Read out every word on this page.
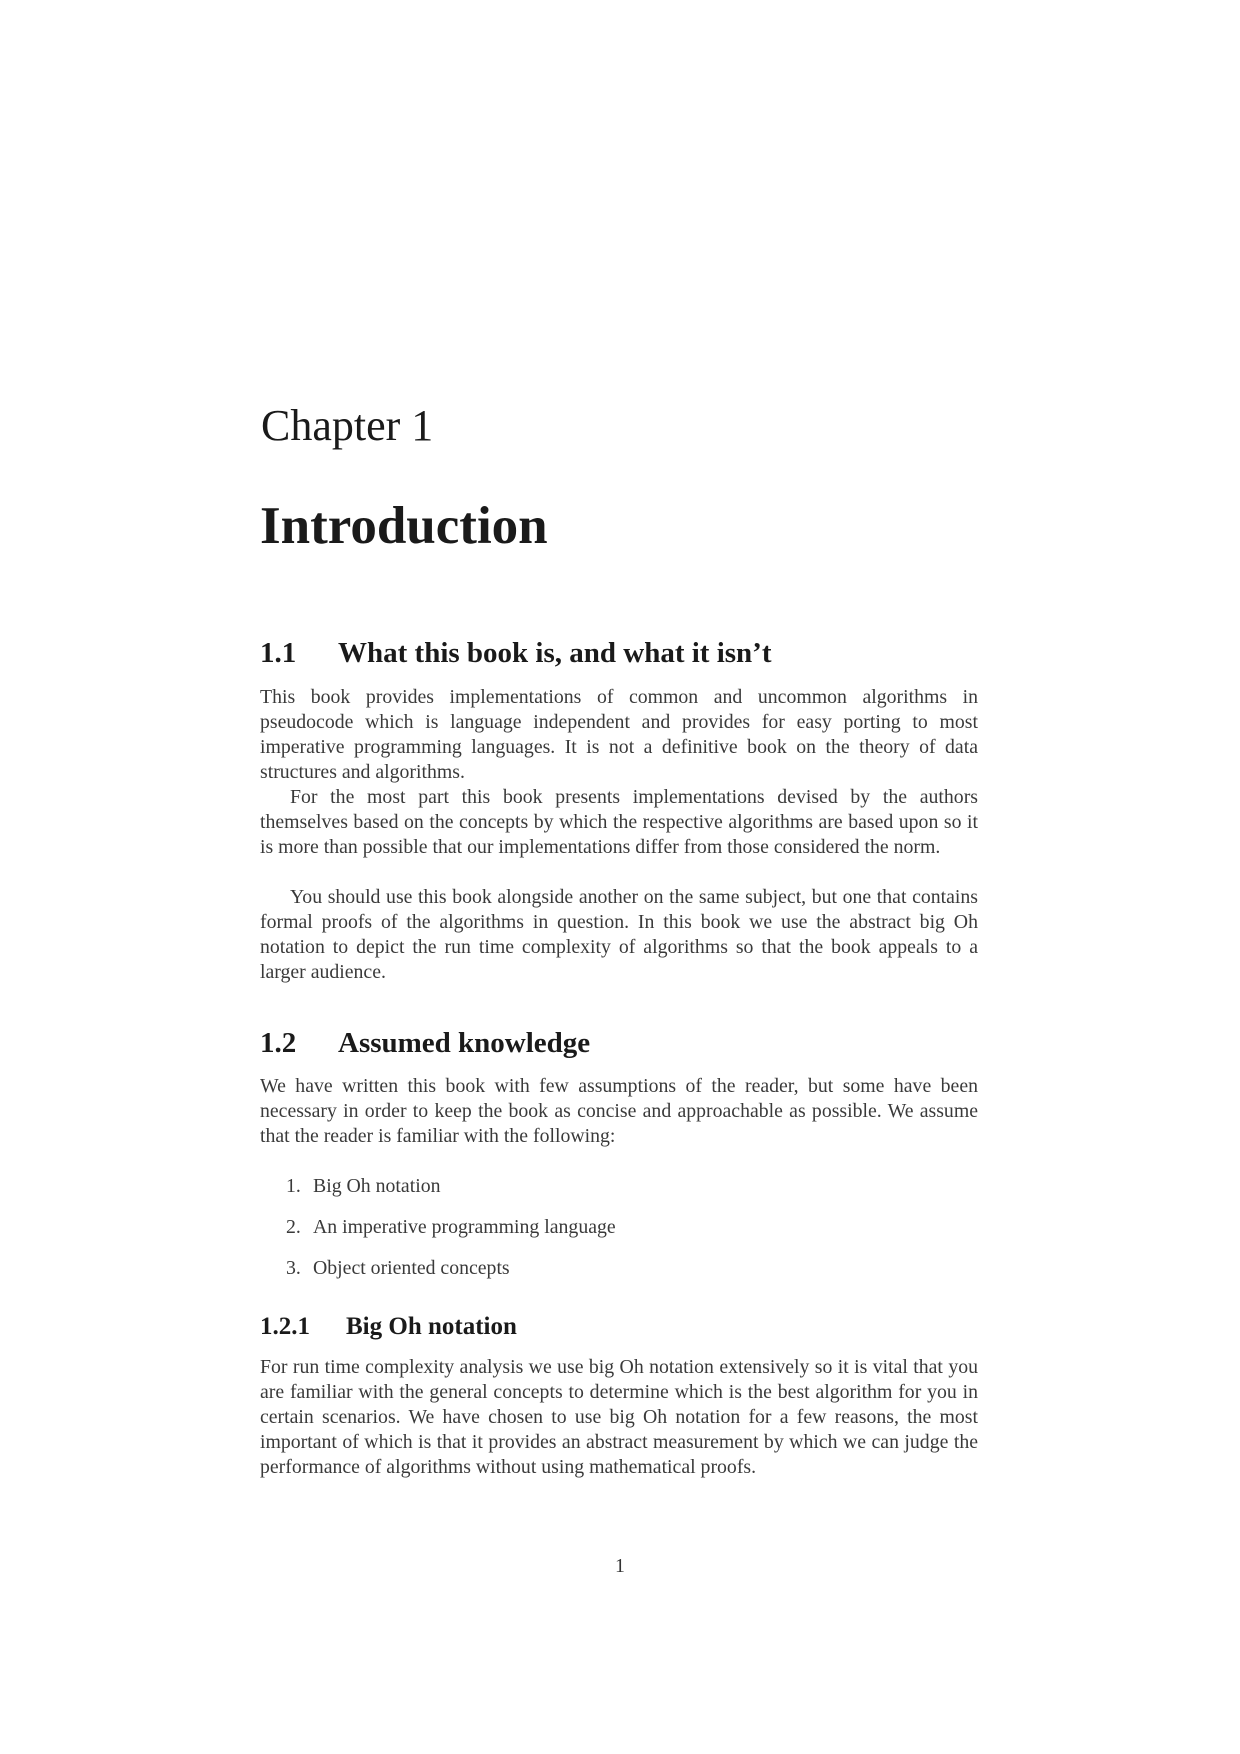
Chapter 1
Introduction
1.1 What this book is, and what it isn’t

This book provides implementations of common and uncommon algorithms in pseudocode which is language independent and provides for easy porting to most imperative programming languages. It is not a definitive book on the theory of data structures and algorithms.

For the most part this book presents implementations devised by the authors themselves based on the concepts by which the respective algorithms are based upon so it is more than possible that our implementations differ from those considered the norm.

You should use this book alongside another on the same subject, but one that contains formal proofs of the algorithms in question. In this book we use the abstract big Oh notation to depict the run time complexity of algorithms so that the book appeals to a larger audience.

1.2 Assumed knowledge

We have written this book with few assumptions of the reader, but some have been necessary in order to keep the book as concise and approachable as possible. We assume that the reader is familiar with the following:

1. Big Oh notation
2. An imperative programming language
3. Object oriented concepts
1.2.1 Big Oh notation

For run time complexity analysis we use big Oh notation extensively so it is vital that you are familiar with the general concepts to determine which is the best algorithm for you in certain scenarios. We have chosen to use big Oh notation for a few reasons, the most important of which is that it provides an abstract measurement by which we can judge the performance of algorithms without using mathematical proofs.

1
